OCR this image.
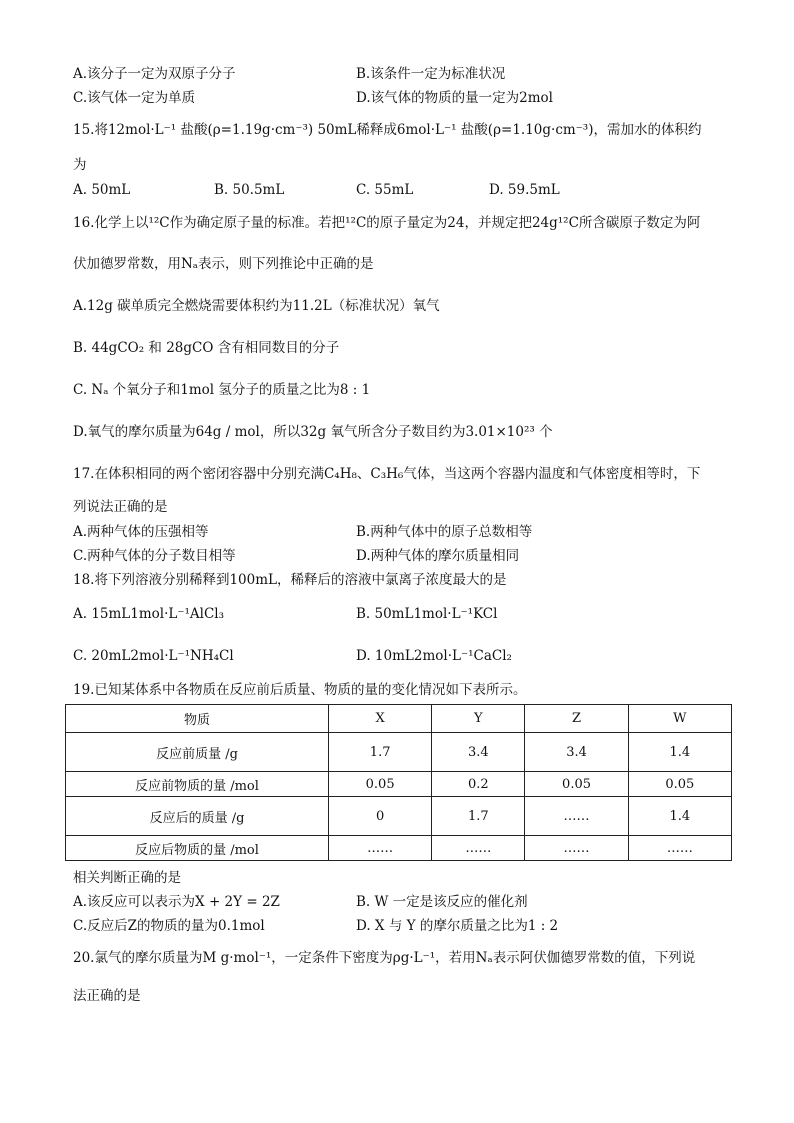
A.该分子一定为双原子分子	B.该条件一定为标准状况
C.该气体一定为单质	D.该气体的物质的量一定为2mol
15.将12mol·L⁻¹ 盐酸(ρ=1.19g·cm⁻³) 50mL稀释成6mol·L⁻¹ 盐酸(ρ=1.10g·cm⁻³)，需加水的体积约
为
A. 50mL	B. 50.5mL	C. 55mL	D. 59.5mL
16.化学上以¹²C作为确定原子量的标准。若把¹²C的原子量定为24，并规定把24g¹²C所含碳原子数定为阿
伏加德罗常数，用Nₐ表示，则下列推论中正确的是
A.12g 碳单质完全燃烧需要体积约为11.2L（标准状况）氧气
B. 44gCO₂ 和 28gCO 含有相同数目的分子
C. Nₐ 个氧分子和1mol 氢分子的质量之比为8 : 1
D.氧气的摩尔质量为64g / mol，所以32g 氧气所含分子数目约为3.01×10²³ 个
17.在体积相同的两个密闭容器中分别充满C₄H₈、C₃H₆气体，当这两个容器内温度和气体密度相等时，下
列说法正确的是
A.两种气体的压强相等	B.两种气体中的原子总数相等
C.两种气体的分子数目相等	D.两种气体的摩尔质量相同
18.将下列溶液分别稀释到100mL，稀释后的溶液中氯离子浓度最大的是
A. 15mL1mol·L⁻¹AlCl₃	B. 50mL1mol·L⁻¹KCl
C. 20mL2mol·L⁻¹NH₄Cl	D. 10mL2mol·L⁻¹CaCl₂
19.已知某体系中各物质在反应前后质量、物质的量的变化情况如下表所示。
物质	X	Y	Z	W
反应前质量 /g	1.7	3.4	3.4	1.4
反应前物质的量 /mol	0.05	0.2	0.05	0.05
反应后的质量 /g	0	1.7	……	1.4
反应后物质的量 /mol	……	……	……	……
相关判断正确的是
A.该反应可以表示为X + 2Y = 2Z	B. W 一定是该反应的催化剂
C.反应后Z的物质的量为0.1mol	D. X 与 Y 的摩尔质量之比为1 : 2
20.氯气的摩尔质量为M g·mol⁻¹，一定条件下密度为ρg·L⁻¹，若用Nₐ表示阿伏伽德罗常数的值，下列说
法正确的是
